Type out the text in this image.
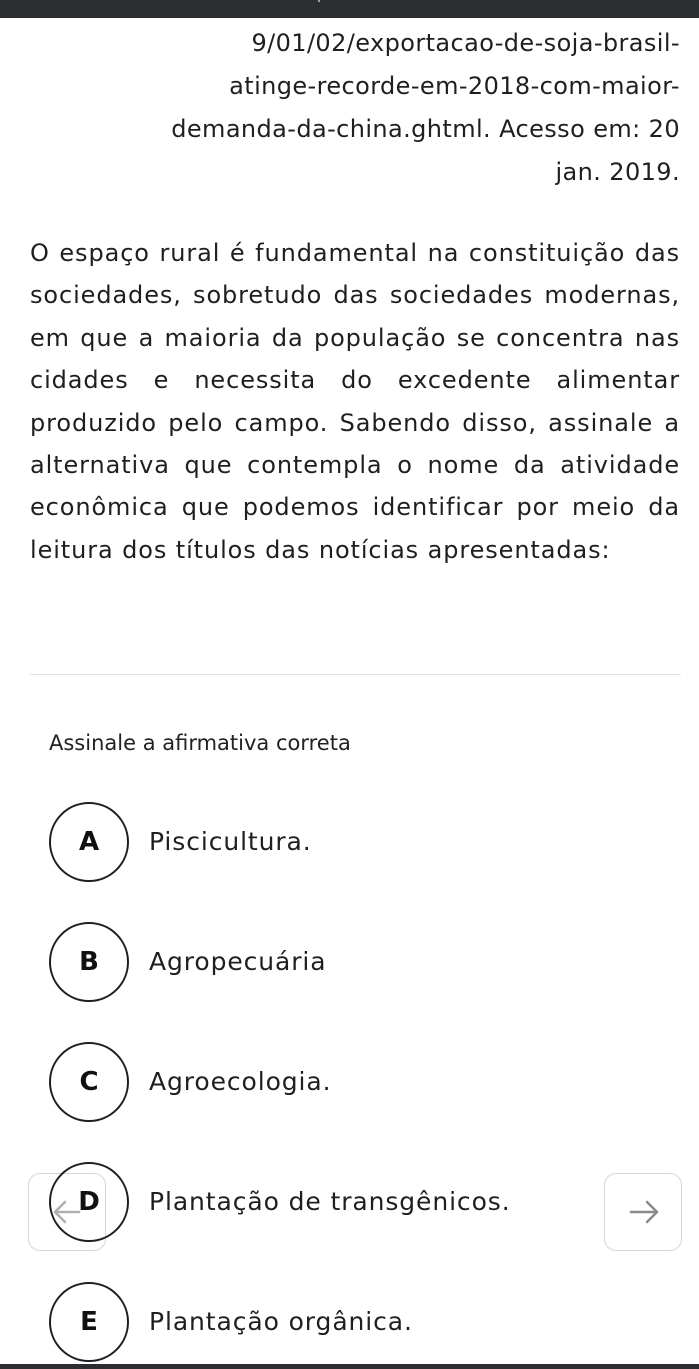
9/01/02/exportacao-de-soja-brasil-
atinge-recorde-em-2018-com-maior-
demanda-da-china.ghtml. Acesso em: 20
jan. 2019.
O espaço rural é fundamental na constituição das sociedades, sobretudo das sociedades modernas, em que a maioria da população se concentra nas cidades e necessita do excedente alimentar produzido pelo campo. Sabendo disso, assinale a alternativa que contempla o nome da atividade econômica que podemos identificar por meio da leitura dos títulos das notícias apresentadas:
Assinale a afirmativa correta
A	Piscicultura.
B	Agropecuária
C	Agroecologia.
D	Plantação de transgênicos.
E	Plantação orgânica.
